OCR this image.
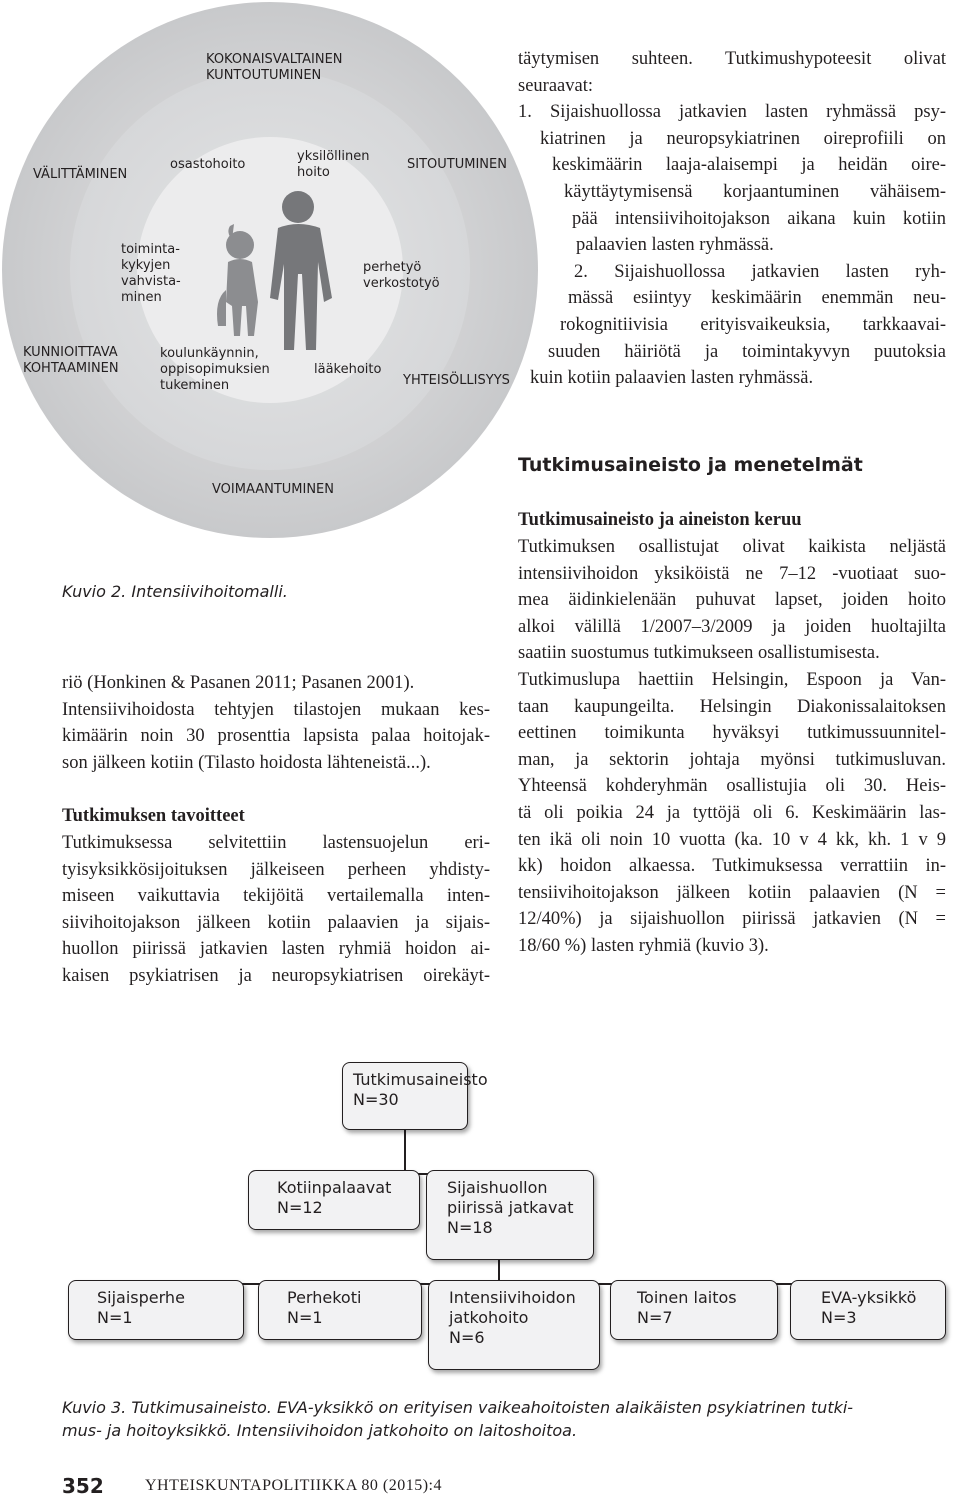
KOKONAISVALTAINEN
KUNTOUTUMINEN
VÄLITTÄMINEN
SITOUTUMINEN
KUNNIOITTAVA
KOHTAAMINEN
YHTEISÖLLISYYS
VOIMAANTUMINEN
osastohoito
yksilöllinen
hoito
toiminta-
kykyjen
vahvista-
minen
perhetyö
verkostotyö
koulunkäynnin,
oppisopimuksien
tukeminen
lääkehoito
Kuvio 2. Intensiivihoitomalli.
täytymisen suhteen. Tutkimushypoteesit olivat
seuraavat:
1. Sijaishuollossa jatkavien lasten ryhmässä psy-
kiatrinen ja neuropsykiatrinen oireprofiili on
keskimäärin laaja-alaisempi ja heidän oire-
käyttäytymisensä korjaantuminen vähäisem-
pää intensiivihoitojakson aikana kuin kotiin
palaavien lasten ryhmässä.
2. Sijaishuollossa jatkavien lasten ryh-
mässä esiintyy keskimäärin enemmän neu-
rokognitiivisia erityisvaikeuksia, tarkkaavai-
suuden häiriötä ja toimintakyvyn puutoksia
kuin kotiin palaavien lasten ryhmässä.
riö (Honkinen & Pasanen 2011; Pasanen 2001).
Intensiivihoidosta tehtyjen tilastojen mukaan kes-
kimäärin noin 30 prosenttia lapsista palaa hoitojak-
son jälkeen kotiin (Tilasto hoidosta lähteneistä...).
Tutkimuksen tavoitteet
Tutkimuksessa selvitettiin lastensuojelun eri-
tyisyksikkösijoituksen jälkeiseen perheen yhdisty-
miseen vaikuttavia tekijöitä vertailemalla inten-
siivihoitojakson jälkeen kotiin palaavien ja sijais-
huollon piirissä jatkavien lasten ryhmiä hoidon ai-
kaisen psykiatrisen ja neuropsykiatrisen oirekäyt-
Tutkimusaineisto ja menetelmät
Tutkimusaineisto ja aineiston keruu
Tutkimuksen osallistujat olivat kaikista neljästä
intensiivihoidon yksiköistä ne 7–12 -vuotiaat suo-
mea äidinkielenään puhuvat lapset, joiden hoito
alkoi välillä 1/2007–3/2009 ja joiden huoltajilta
saatiin suostumus tutkimukseen osallistumisesta.
Tutkimuslupa haettiin Helsingin, Espoon ja Van-
taan kaupungeilta. Helsingin Diakonissalaitoksen
eettinen toimikunta hyväksyi tutkimussuunnitel-
man, ja sektorin johtaja myönsi tutkimusluvan.
Yhteensä kohderyhmän osallistujia oli 30. Heis-
tä oli poikia 24 ja tyttöjä oli 6. Keskimäärin las-
ten ikä oli noin 10 vuotta (ka. 10 v 4 kk, kh. 1 v 9
kk) hoidon alkaessa. Tutkimuksessa verrattiin in-
tensiivihoitojakson jälkeen kotiin palaavien (N =
12/40%) ja sijaishuollon piirissä jatkavien (N =
18/60 %) lasten ryhmiä (kuvio 3).
Tutkimusaineisto
N=30
Kotiinpalaavat
N=12
Sijaishuollon
piirissä jatkavat
N=18
Sijaisperhe
N=1
Perhekoti
N=1
Intensiivihoidon
jatkohoito
N=6
Toinen laitos
N=7
EVA-yksikkö
N=3
Kuvio 3. Tutkimusaineisto. EVA-yksikkö on erityisen vaikeahoitoisten alaikäisten psykiatrinen tutki-
mus- ja hoitoyksikkö. Intensiivihoidon jatkohoito on laitoshoitoa.
352	YHTEISKUNTAPOLITIIKKA 80 (2015):4
